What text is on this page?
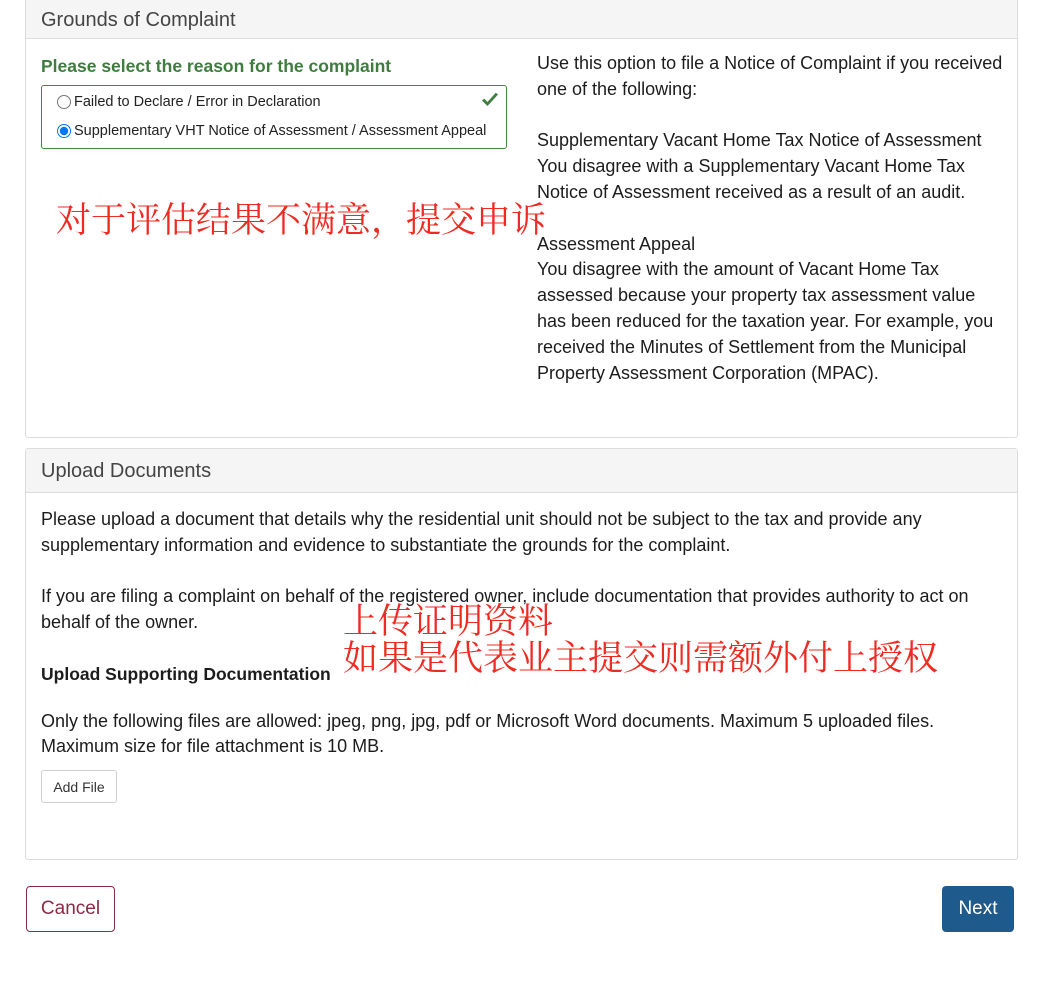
Grounds of Complaint
Please select the reason for the complaint
Failed to Declare / Error in Declaration
Supplementary VHT Notice of Assessment / Assessment Appeal

Use this option to file a Notice of Complaint if you received one of the following:

Supplementary Vacant Home Tax Notice of Assessment

You disagree with a Supplementary Vacant Home Tax Notice of Assessment received as a result of an audit.

Assessment Appeal

You disagree with the amount of Vacant Home Tax assessed because your property tax assessment value has been reduced for the taxation year. For example, you received the Minutes of Settlement from the Municipal Property Assessment Corporation (MPAC).

Upload Documents

Please upload a document that details why the residential unit should not be subject to the tax and provide any supplementary information and evidence to substantiate the grounds for the complaint.

If you are filing a complaint on behalf of the registered owner, include documentation that provides authority to act on behalf of the owner.

Upload Supporting Documentation

Only the following files are allowed: jpeg, png, jpg, pdf or Microsoft Word documents. Maximum 5 uploaded files. Maximum size for file attachment is 10 MB.

Add File
Cancel	Next
对于评估结果不满意，提交申诉
上传证明资料
如果是代表业主提交则需额外付上授权
